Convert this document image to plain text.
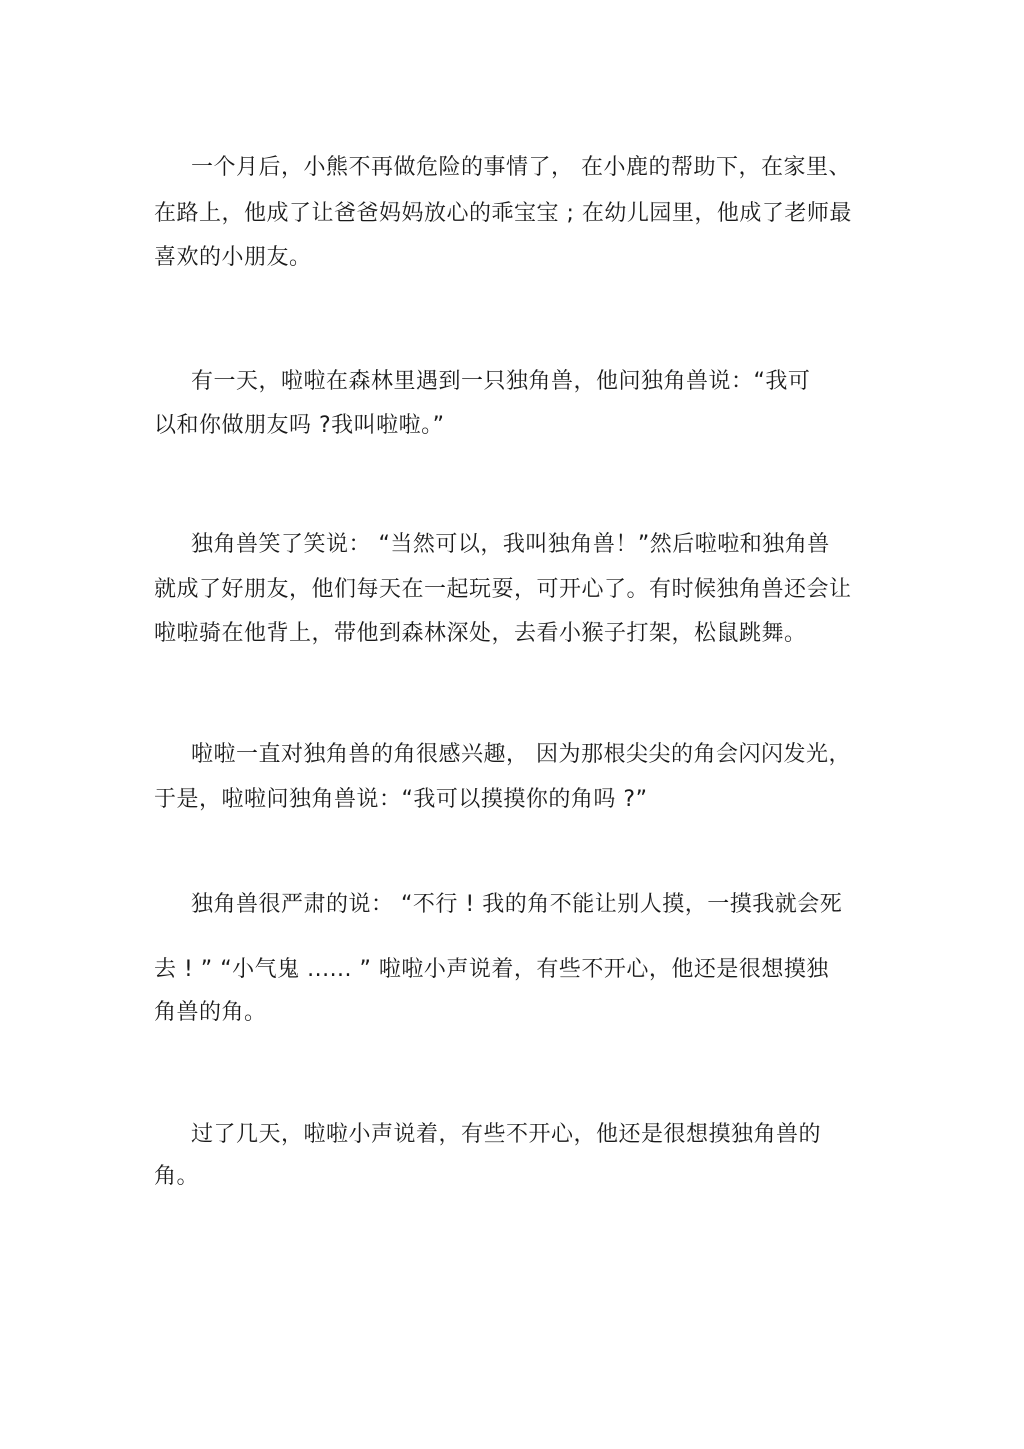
一个月后，小熊不再做危险的事情了， 在小鹿的帮助下，在家里、
在路上，他成了让爸爸妈妈放心的乖宝宝 ; 在幼儿园里，他成了老师最
喜欢的小朋友。
有一天，啦啦在森林里遇到一只独角兽，他问独角兽说：“我可
以和你做朋友吗 ?我叫啦啦。”
独角兽笑了笑说： “当然可以，我叫独角兽！”然后啦啦和独角兽
就成了好朋友，他们每天在一起玩耍，可开心了。有时候独角兽还会让
啦啦骑在他背上，带他到森林深处，去看小猴子打架，松鼠跳舞。
啦啦一直对独角兽的角很感兴趣， 因为那根尖尖的角会闪闪发光，
于是，啦啦问独角兽说：“我可以摸摸你的角吗 ?”
独角兽很严肃的说： “不行 ! 我的角不能让别人摸，一摸我就会死
去 ! ” “小气鬼 ...... ” 啦啦小声说着，有些不开心，他还是很想摸独
角兽的角。
过了几天，啦啦小声说着，有些不开心，他还是很想摸独角兽的
角。
